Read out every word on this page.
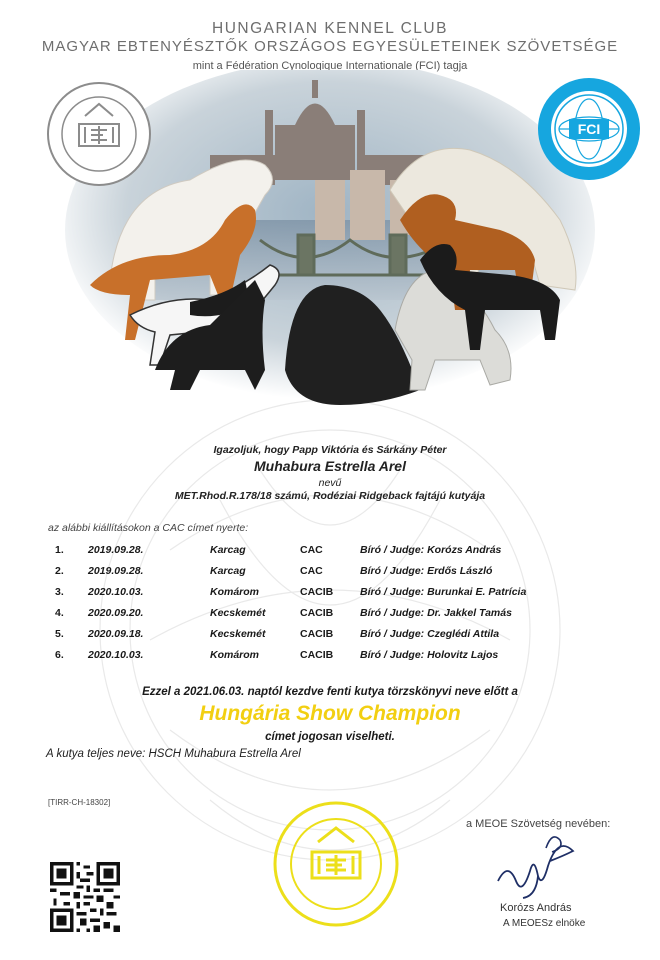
HUNGARIAN KENNEL CLUB
MAGYAR EBTENYÉSZTŐK ORSZÁGOS EGYESÜLETEINEK SZÖVETSÉGE
mint a Fédération Cynologique Internationale (FCI) tagja
FCI
Igazoljuk, hogy Papp Viktória és Sárkány Péter
Muhabura Estrella Arel
nevű
MET.Rhod.R.178/18 számú, Rodéziai Ridgeback fajtájú kutyája
az alábbi kiállításokon a CAC címet nyerte:
1. 2019.09.28.	Karcag	CAC	Bíró / Judge: Korózs András
2. 2019.09.28.	Karcag	CAC	Bíró / Judge: Erdős László
3. 2020.10.03.	Komárom	CACIB	Bíró / Judge: Burunkai E. Patrícia
4. 2020.09.20.	Kecskemét	CACIB	Bíró / Judge: Dr. Jakkel Tamás
5. 2020.09.18.	Kecskemét	CACIB	Bíró / Judge: Czeglédi Attila
6. 2020.10.03.	Komárom	CACIB	Bíró / Judge: Holovitz Lajos
Ezzel a 2021.06.03. naptól kezdve fenti kutya törzskönyvi neve előtt a
Hungária Show Champion
címet jogosan viselheti.
A kutya teljes neve: HSCH Muhabura Estrella Arel
[TIRR-CH-18302]
a MEOE Szövetség nevében:
Korózs András
A MEOESz elnöke
